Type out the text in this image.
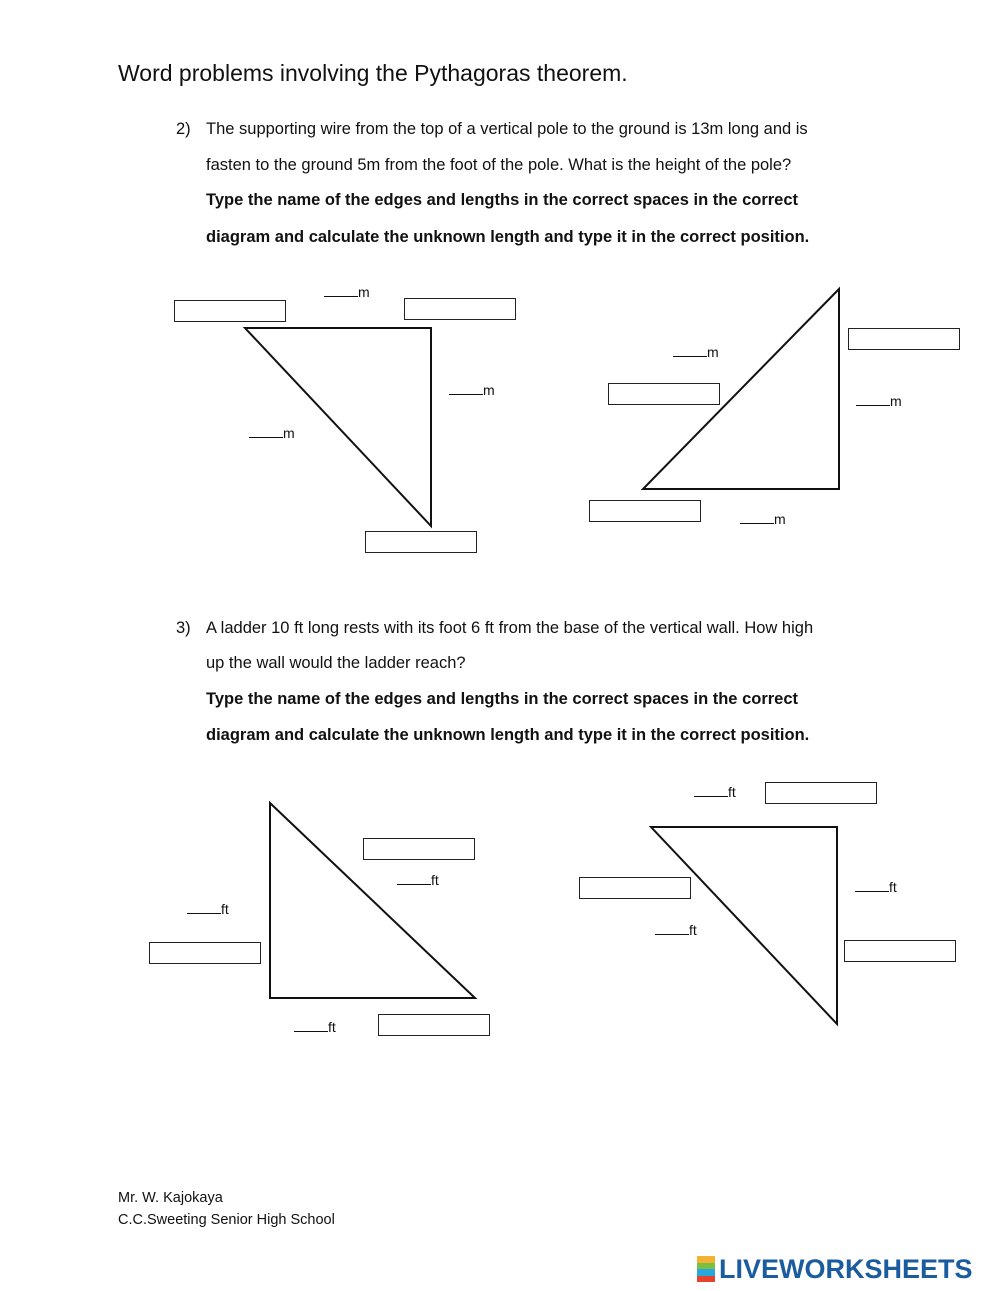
Word problems involving the Pythagoras theorem.
2) The supporting wire from the top of a vertical pole to the ground is 13m long and is
fasten to the ground 5m from the foot of the pole. What is the height of the pole?
Type the name of the edges and lengths in the correct spaces in the correct
diagram and calculate the unknown length and type it in the correct position.
3) A ladder 10 ft long rests with its foot 6 ft from the base of the vertical wall. How high
up the wall would the ladder reach?
Type the name of the edges and lengths in the correct spaces in the correct
diagram and calculate the unknown length and type it in the correct position.
m
m
m
m
m
m
ft
ft
ft
ft
ft
ft
Mr. W. Kajokaya
C.C.Sweeting Senior High School
LIVEWORKSHEETS
